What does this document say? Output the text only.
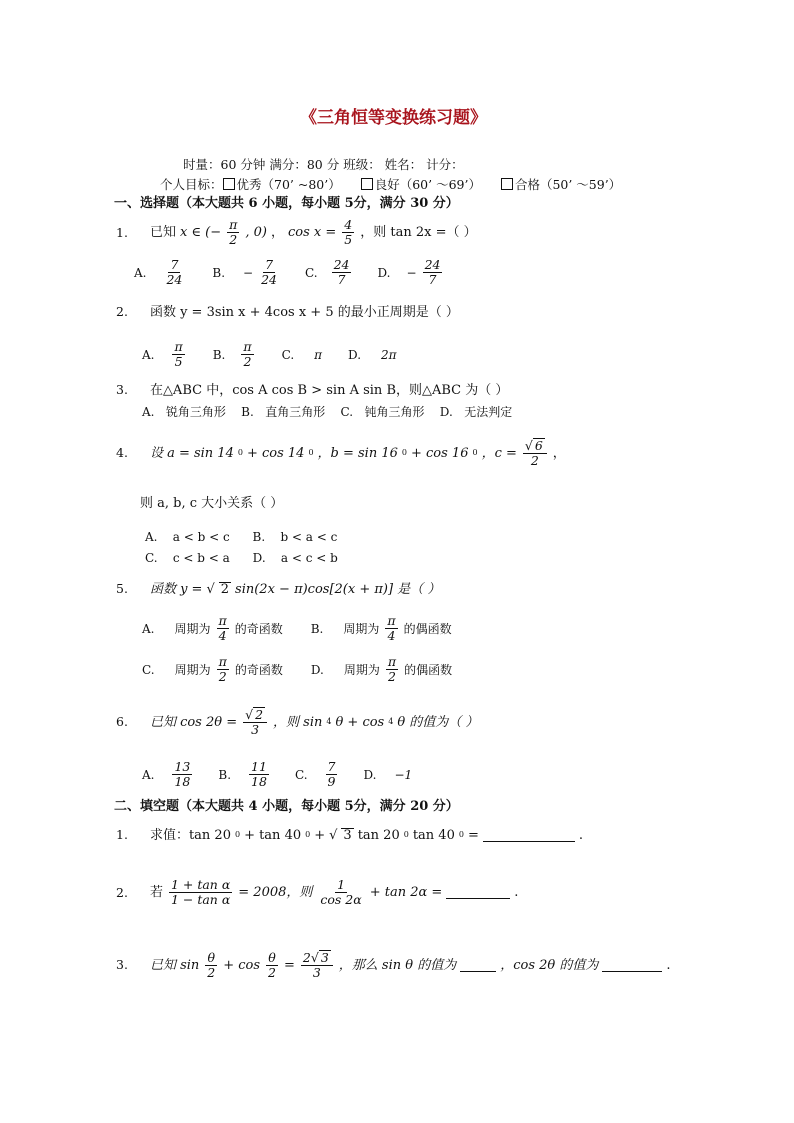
《三角恒等变换练习题》
时量：60 分钟 满分：80 分 班级： 姓名： 计分：
个人目标： 优秀（70’ ~80’）	良好（60’ ～69’）	合格（50’ ～59’）
一、选择题（本大题共 6 小题，每小题 5分，满分 30 分）
1. 已知 x ∈ (− $\frac{\pi}{2}$ , 0) ， $\cos x = \frac{4}{5}$ ，则 tan 2x =（ ）
A. $\frac{7}{24} B$. − $\frac{7}{24} C$. $\frac{24}{7} D$. − $\frac{24}{7}$
2. 函数 y = 3sin x + 4cos x + 5 的最小正周期是（ ）
A. $\frac{\pi}{5} B$. $\frac{\pi}{2} C$. π D. 2π
3. 在△ABC 中，cos A cos B > sin A sin B，则△ABC 为（ ）
A.   锐角三角形    B.   直角三角形    C.   钝角三角形    D.   无法判定
4. 设 a = sin 14 0 + cos 14 0 ，b = sin 16 0 + cos 16 0 ，$c = \frac{√ 6}{2}$ ，
则 a, b, c 大小关系（ ）
A.    a < b < c      B.    b < a < c
C.    c < b < a      D.    a < c < b
5. 函数 y = √ 2 sin(2x − π)cos[2(x + π)] 是（ ）
A. 周期为 $\frac{\pi}{4}$ 的奇函数 B. 周期为 $\frac{\pi}{4}$ 的偶函数
C. 周期为 $\frac{\pi}{2}$ 的奇函数 D. 周期为 $\frac{\pi}{2}$ 的偶函数
6. 已知 $\cos 2\theta = \frac{√ 2}{3}$ ，则 sin 4 θ + cos 4 θ 的值为（ ）
A. $\frac{13}{18} B$. $\frac{11}{18} C$. $\frac{7}{9} D$. −1
二、填空题（本大题共 4 小题，每小题 5分，满分 20 分）
1. 求值：tan 20 0 + tan 40 0 + √ 3 tan 20 0 tan 40 0 =	.
2. 若 $\frac{\text{1 + tan α}}{\text{1 − tan α}} = 2008$，则 $\frac{1}{\cos 2\alpha} + \tan 2\alpha$ =	.
3. 已知 $\sin \frac{\theta}{2} + \cos \frac{\theta}{2} = \frac{2√ 3}{3}$ ，那么 sin θ 的值为	，cos 2θ 的值为	.
